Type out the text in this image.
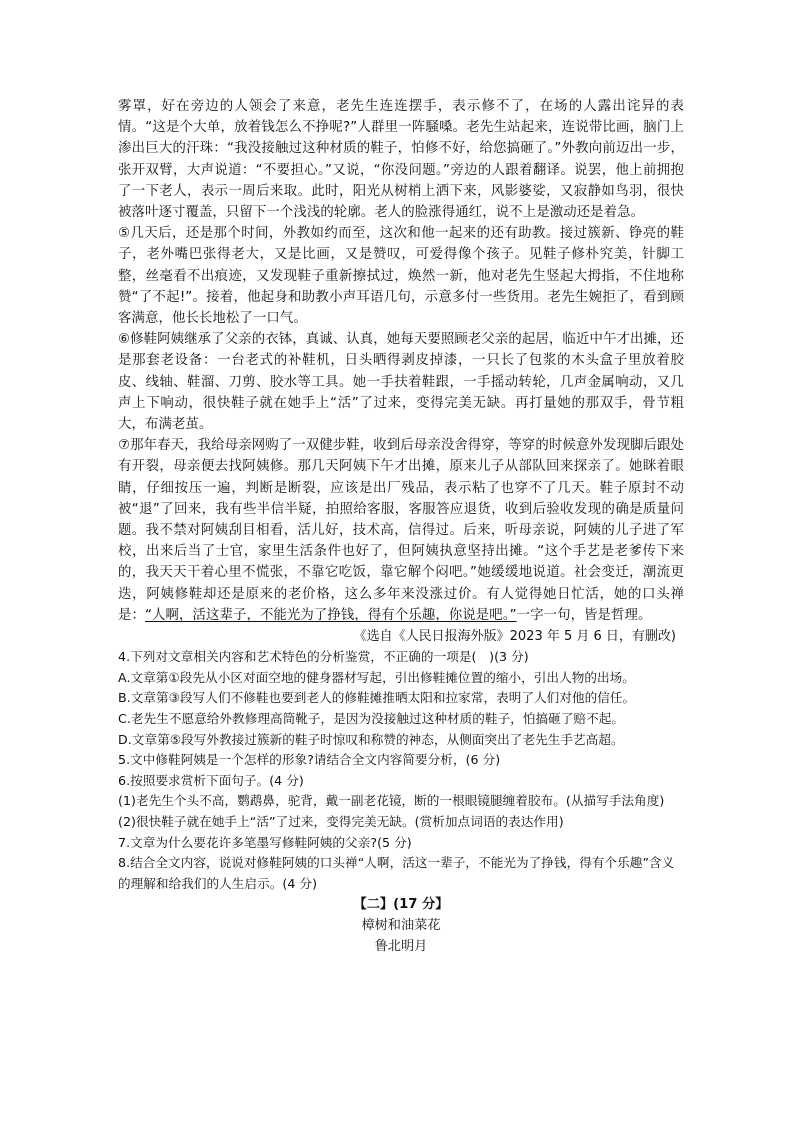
雾罩，好在旁边的人领会了来意，老先生连连摆手，表示修不了，在场的人露出诧异的表情。“这是个大单，放着钱怎么不挣呢?”人群里一阵騒嗓。老先生站起来，连说带比画，脑门上渗出巨大的汗珠：“我没接触过这种材质的鞋子，怕修不好，给您搞砸了。”外教向前迈出一步，张开双臂，大声说道：“不要担心。”又说，“你没问题。”旁边的人跟着翻译。说罢，他上前拥抱了一下老人，表示一周后来取。此时，阳光从树梢上洒下来，风影婆娑，又寂静如鸟羽，很快被落叶逐寸覆盖，只留下一个浅浅的轮廓。老人的脸涨得通红，说不上是激动还是着急。

⑤几天后，还是那个时间，外教如约而至，这次和他一起来的还有助教。接过簇新、铮亮的鞋子，老外嘴巴张得老大，又是比画，又是赞叹，可爱得像个孩子。见鞋子修朴究美，针脚工整，丝毫看不出痕迹，又发现鞋子重新擦拭过，焕然一新，他对老先生竖起大拇指，不住地称赞“了不起!”。接着，他起身和助教小声耳语几句，示意多付一些货用。老先生婉拒了，看到顾客满意，他长长地松了一口气。

⑥修鞋阿姨继承了父亲的衣钵，真诚、认真，她每天要照顾老父亲的起居，临近中午才出摊，还是那套老设备：一台老式的补鞋机，日头晒得剥皮掉漆，一只长了包浆的木头盒子里放着胶皮、线轴、鞋溜、刀剪、胶水等工具。她一手扶着鞋跟，一手摇动转轮，几声金属响动，又几声上下响动，很快鞋子就在她手上“活”了过来，变得完美无缺。再打量她的那双手，骨节粗大，布满老茧。

⑦那年春天，我给母亲网购了一双健步鞋，收到后母亲没舍得穿，等穿的时候意外发现脚后跟处有开裂，母亲便去找阿姨修。那几天阿姨下午才出摊，原来儿子从部队回来探亲了。她眯着眼睛，仔细按压一遍，判断是断裂，应该是出厂残品，表示粘了也穿不了几天。鞋子原封不动被“退”了回来，我有些半信半疑，拍照给客服，客服答应退货，收到后验收发现的确是质量问题。我不禁对阿姨刮目相看，活儿好，技术高，信得过。后来，听母亲说，阿姨的儿子进了军校，出来后当了士官，家里生活条件也好了，但阿姨执意坚持出摊。“这个手艺是老爹传下来的，我天天干着心里不慌张，不靠它吃饭，靠它解个闷吧。”她缓缓地说道。社会变迁，潮流更迭，阿姨修鞋却还是原来的老价格，这么多年来没涨过价。有人觉得她日忙活，她的口头禅是：“人啊，活这辈子，不能光为了挣钱，得有个乐趣，你说是吧。”一字一句，皆是哲理。

《选自《人民日报海外版》2023 年 5 月 6 日，有删改)

4.下列对文章相关内容和艺术特色的分析鉴赏，不正确的一项是(　)(3 分)

A.文章第①段先从小区对面空地的健身器材写起，引出修鞋摊位置的缩小，引出人物的出场。

B.文章第③段写人们不修鞋也要到老人的修鞋摊推晒太阳和拉家常，表明了人们对他的信任。

C.老先生不愿意给外教修理高筒靴子，是因为没接触过这种材质的鞋子，怕搞砸了赔不起。

D.文章第⑤段写外教接过簇新的鞋子时惊叹和称赞的神态，从侧面突出了老先生手艺高超。

5.文中修鞋阿姨是一个怎样的形象?请结合全文内容简要分析，(6 分)

6.按照要求赏析下面句子。(4 分)

(1)老先生个头不高，鹦鹉鼻，驼背，戴一副老花镜，断的一根眼镜腿缠着胶布。(从描写手法角度)

(2)很快鞋子就在她手上“活”了过来，变得完美无缺。(赏析加点词语的表达作用)

7.文章为什么要花许多笔墨写修鞋阿姨的父亲?(5 分)

8.结合全文内容，说说对修鞋阿姨的口头禅“人啊，活这一辈子，不能光为了挣钱，得有个乐趣”含义的理解和给我们的人生启示。(4 分)

【二】(17 分】

樟树和油菜花

鲁北明月
